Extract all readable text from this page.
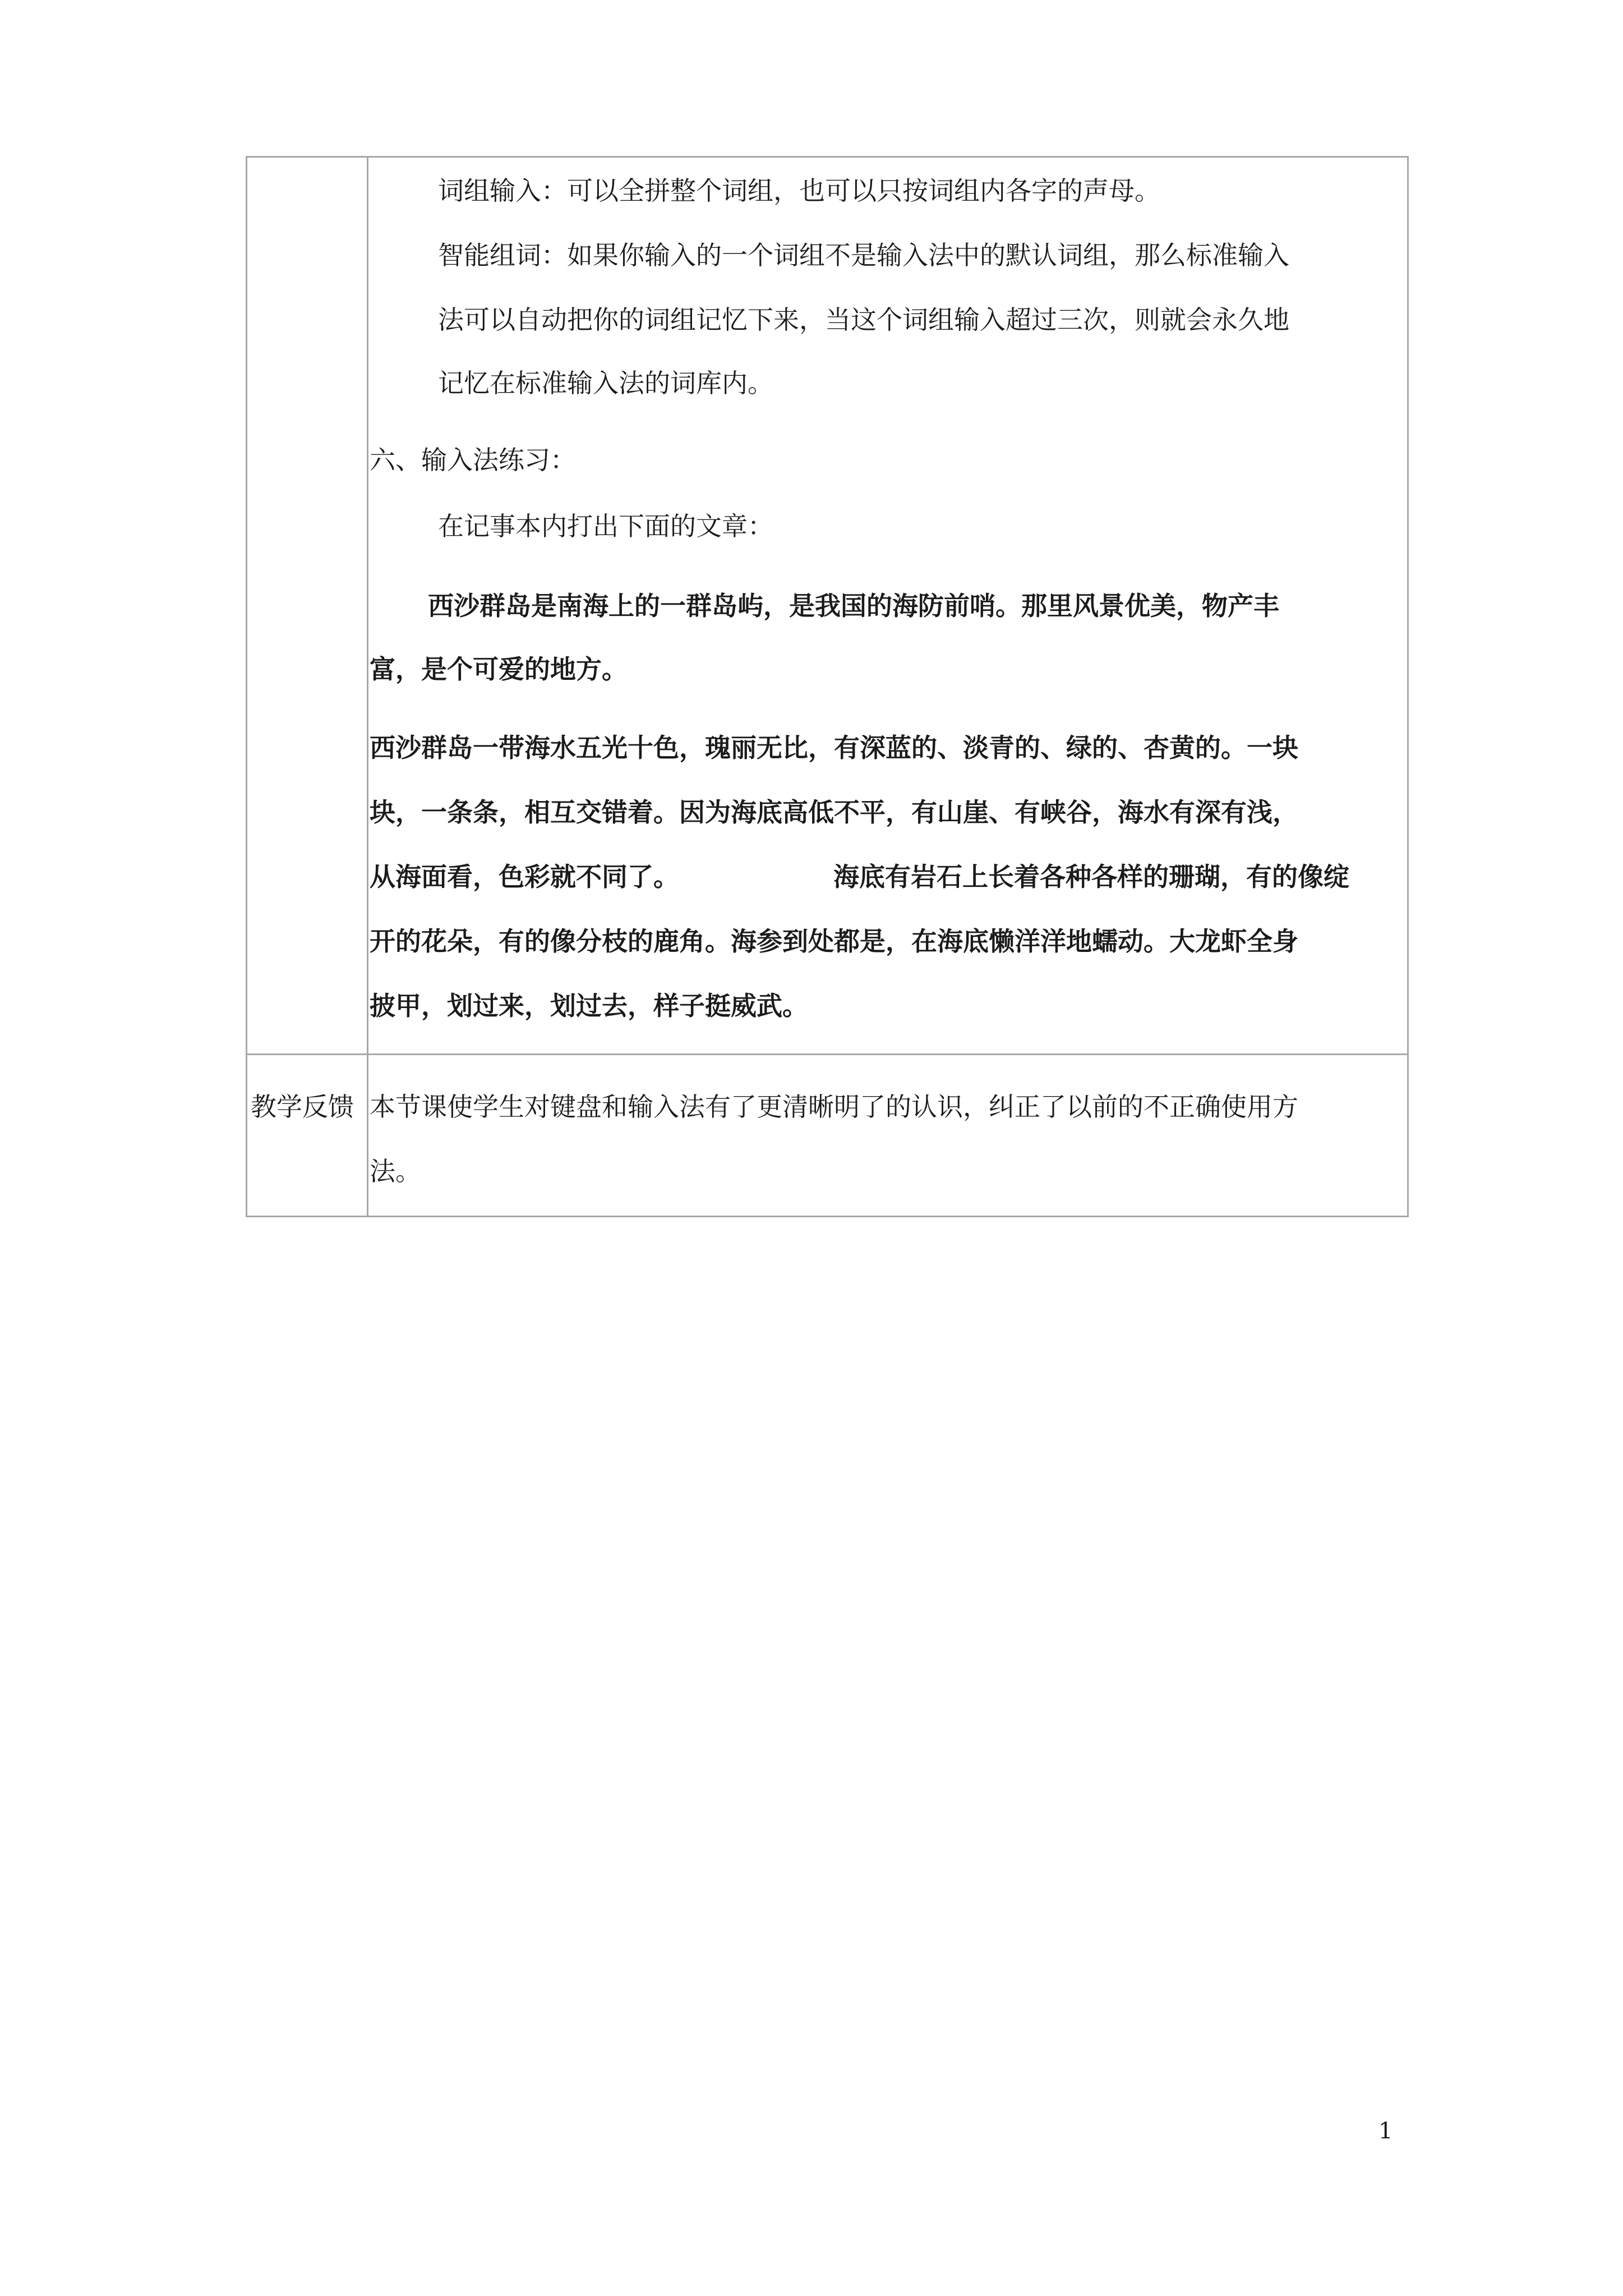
词组输入：可以全拼整个词组，也可以只按词组内各字的声母。
智能组词：如果你输入的一个词组不是输入法中的默认词组，那么标准输入
法可以自动把你的词组记忆下来，当这个词组输入超过三次，则就会永久地
记忆在标准输入法的词库内。
六、输入法练习：
在记事本内打出下面的文章：
西沙群岛是南海上的一群岛屿，是我国的海防前哨。那里风景优美，物产丰
富，是个可爱的地方。
西沙群岛一带海水五光十色，瑰丽无比，有深蓝的、淡青的、绿的、杏黄的。一块
块，一条条，相互交错着。因为海底高低不平，有山崖、有峡谷，海水有深有浅，
从海面看，色彩就不同了。	海底有岩石上长着各种各样的珊瑚，有的像绽
开的花朵，有的像分枝的鹿角。海参到处都是，在海底懒洋洋地蠕动。大龙虾全身
披甲，划过来，划过去，样子挺威武。
教学反馈 本节课使学生对键盘和输入法有了更清晰明了的认识，纠正了以前的不正确使用方
法。
1
